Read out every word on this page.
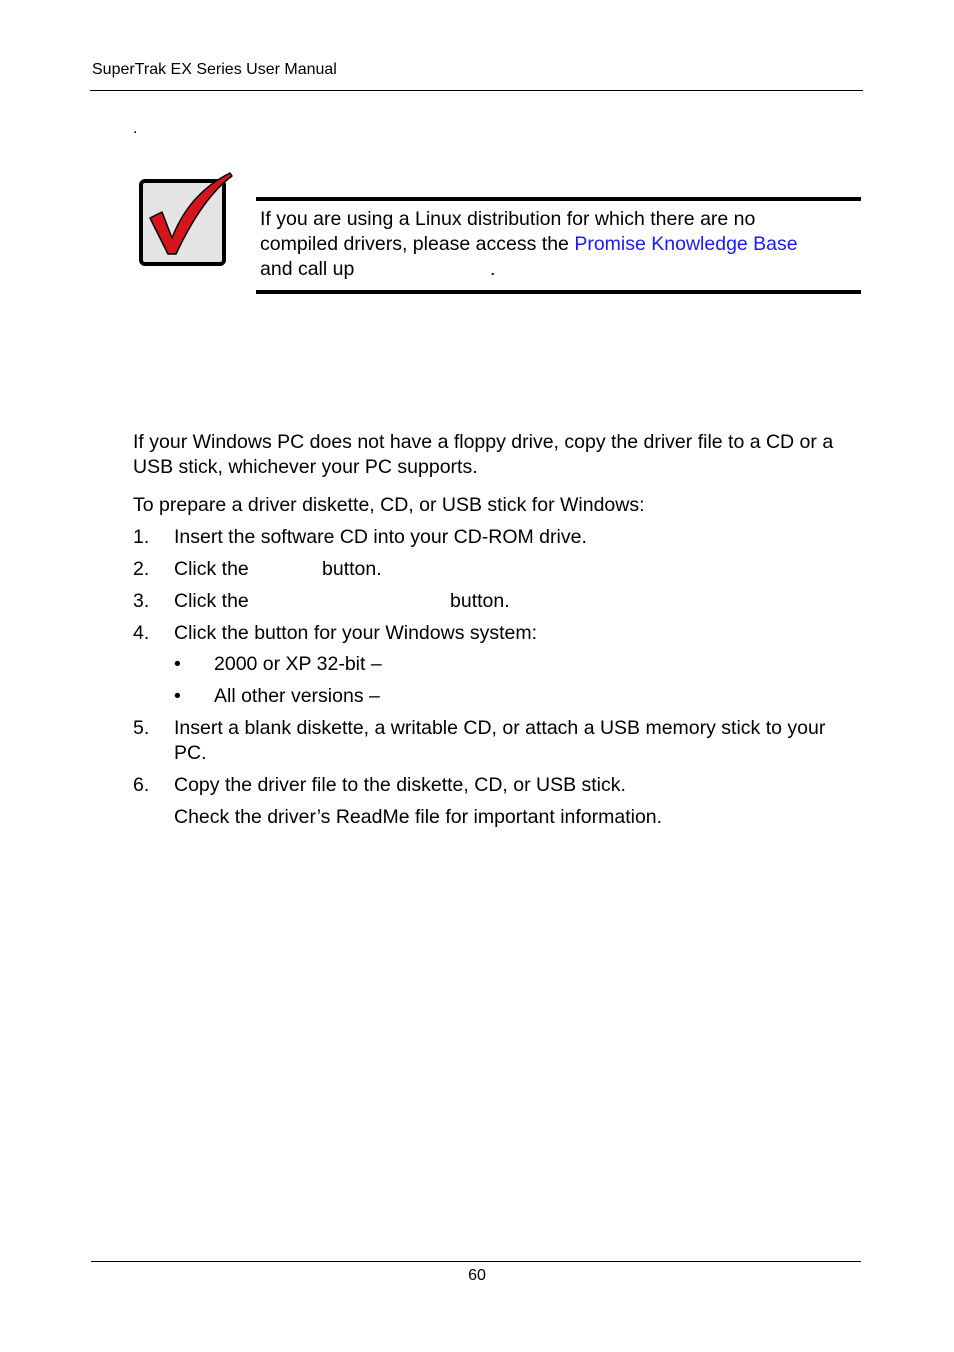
SuperTrak EX Series User Manual
.
If you are using a Linux distribution for which there are no
compiled drivers, please access the Promise Knowledge Base
and call up	.
If your Windows PC does not have a floppy drive, copy the driver file to a CD or a
USB stick, whichever your PC supports.
To prepare a driver diskette, CD, or USB stick for Windows:
1. Insert the software CD into your CD-ROM drive.
2. Click the	button.
3. Click the	button.
4. Click the button for your Windows system:
• 2000 or XP 32-bit –
• All other versions –
5. Insert a blank diskette, a writable CD, or attach a USB memory stick to your
PC.
6. Copy the driver file to the diskette, CD, or USB stick.
Check the driver’s ReadMe file for important information.
60
